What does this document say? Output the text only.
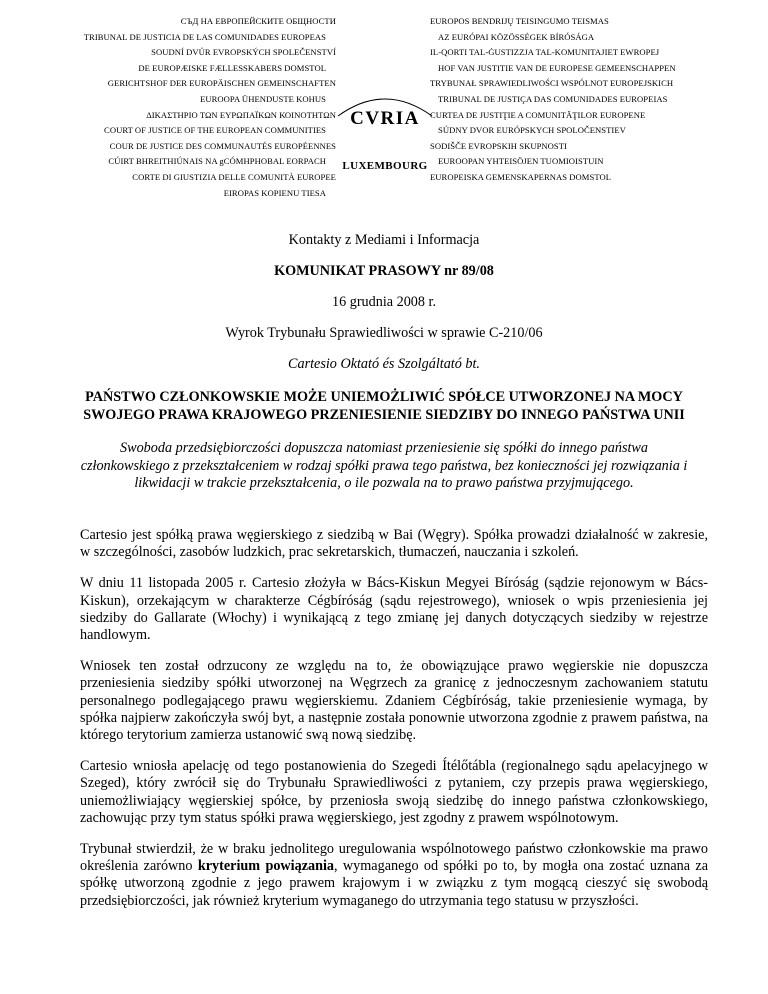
СЪД НА ЕВРОПЕЙСКИТЕ ОБЩНОСТИ
TRIBUNAL DE JUSTICIA DE LAS COMUNIDADES EUROPEAS
SOUDNÍ DVŮR EVROPSKÝCH SPOLEČENSTVÍ
DE EUROPÆISKE FÆLLESSKABERS DOMSTOL
GERICHTSHOF DER EUROPÄISCHEN GEMEINSCHAFTEN
EUROOPA ÜHENDUSTE KOHUS
ΔΙΚΑΣΤΗΡΙΟ ΤΩΝ ΕΥΡΩΠΑΪΚΩΝ ΚΟΙΝΟΤΗΤΩΝ
COURT OF JUSTICE OF THE EUROPEAN COMMUNITIES
COUR DE JUSTICE DES COMMUNAUTÉS EUROPÉENNES
CÚIRT BHREITHIÚNAIS NA gCÓMHPHOBAL EORPACH
CORTE DI GIUSTIZIA DELLE COMUNITÀ EUROPEE
EIROPAS KOPIENU TIESA
CVRIA
LUXEMBOURG
EUROPOS BENDRIJŲ TEISINGUMO TEISMAS
AZ EURÓPAI KÖZÖSSÉGEK BÍRÓSÁGA
IL-QORTI TAL-ĠUSTIZZJA TAL-KOMUNITAJIET EWROPEJ
HOF VAN JUSTITIE VAN DE EUROPESE GEMEENSCHAPPEN
TRYBUNAŁ SPRAWIEDLIWOŚCI WSPÓLNOT EUROPEJSKICH
TRIBUNAL DE JUSTIÇA DAS COMUNIDADES EUROPEIAS
CURTEA DE JUSTIŢIE A COMUNITĂŢILOR EUROPENE
SÚDNY DVOR EURÓPSKYCH SPOLOČENSTIEV
SODIŠČE EVROPSKIH SKUPNOSTI
EUROOPAN YHTEISÖJEN TUOMIOISTUIN
EUROPEISKA GEMENSKAPERNAS DOMSTOL
Kontakty z Mediami i Informacja
KOMUNIKAT PRASOWY nr 89/08
16 grudnia 2008 r.
Wyrok Trybunału Sprawiedliwości w sprawie C-210/06
Cartesio Oktató és Szolgáltató bt.
PAŃSTWO CZŁONKOWSKIE MOŻE UNIEMOŻLIWIĆ SPÓŁCE UTWORZONEJ NA MOCY SWOJEGO PRAWA KRAJOWEGO PRZENIESIENIE SIEDZIBY DO INNEGO PAŃSTWA UNII
Swoboda przedsiębiorczości dopuszcza natomiast przeniesienie się spółki do innego państwa członkowskiego z przekształceniem w rodzaj spółki prawa tego państwa, bez konieczności jej rozwiązania i likwidacji w trakcie przekształcenia, o ile pozwala na to prawo państwa przyjmującego.

Cartesio jest spółką prawa węgierskiego z siedzibą w Bai (Węgry). Spółka prowadzi działalność w zakresie, w szczególności, zasobów ludzkich, prac sekretarskich, tłumaczeń, nauczania i szkoleń.

W dniu 11 listopada 2005 r. Cartesio złożyła w Bács-Kiskun Megyei Bíróság (sądzie rejonowym w Bács-Kiskun), orzekającym w charakterze Cégbíróság (sądu rejestrowego), wniosek o wpis przeniesienia jej siedziby do Gallarate (Włochy) i wynikającą z tego zmianę jej danych dotyczących siedziby w rejestrze handlowym.

Wniosek ten został odrzucony ze względu na to, że obowiązujące prawo węgierskie nie dopuszcza przeniesienia siedziby spółki utworzonej na Węgrzech za granicę z jednoczesnym zachowaniem statutu personalnego podlegającego prawu węgierskiemu. Zdaniem Cégbíróság, takie przeniesienie wymaga, by spółka najpierw zakończyła swój byt, a następnie została ponownie utworzona zgodnie z prawem państwa, na którego terytorium zamierza ustanowić swą nową siedzibę.

Cartesio wniosła apelację od tego postanowienia do Szegedi Ítélőtábla (regionalnego sądu apelacyjnego w Szeged), który zwrócił się do Trybunału Sprawiedliwości z pytaniem, czy przepis prawa węgierskiego, uniemożliwiający węgierskiej spółce, by przeniosła swoją siedzibę do innego państwa członkowskiego, zachowując przy tym status spółki prawa węgierskiego, jest zgodny z prawem wspólnotowym.

Trybunał stwierdził, że w braku jednolitego uregulowania wspólnotowego państwo członkowskie ma prawo określenia zarówno kryterium powiązania, wymaganego od spółki po to, by mogła ona zostać uznana za spółkę utworzoną zgodnie z jego prawem krajowym i w związku z tym mogącą cieszyć się swobodą przedsiębiorczości, jak również kryterium wymaganego do utrzymania tego statusu w przyszłości.
